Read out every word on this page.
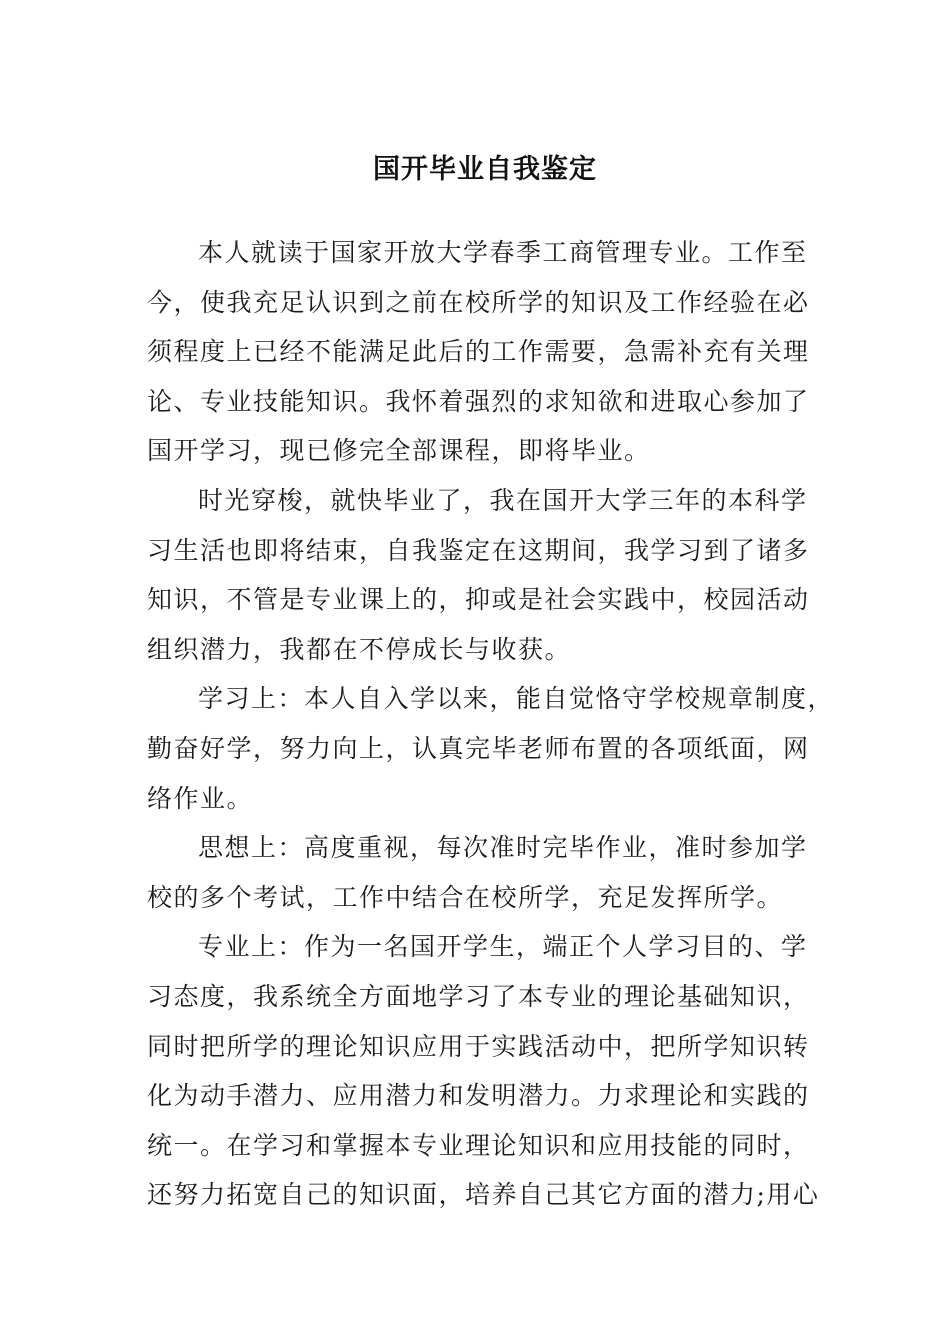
国开毕业自我鉴定
本人就读于国家开放大学春季工商管理专业。工作至
今，使我充足认识到之前在校所学的知识及工作经验在必
须程度上已经不能满足此后的工作需要，急需补充有关理
论、专业技能知识。我怀着强烈的求知欲和进取心参加了
国开学习，现已修完全部课程，即将毕业。
时光穿梭，就快毕业了，我在国开大学三年的本科学
习生活也即将结束，自我鉴定在这期间，我学习到了诸多
知识，不管是专业课上的，抑或是社会实践中，校园活动
组织潜力，我都在不停成长与收获。
学习上：本人自入学以来，能自觉恪守学校规章制度，
勤奋好学，努力向上，认真完毕老师布置的各项纸面，网
络作业。
思想上：高度重视，每次准时完毕作业，准时参加学
校的多个考试，工作中结合在校所学，充足发挥所学。
专业上：作为一名国开学生，端正个人学习目的、学
习态度，我系统全方面地学习了本专业的理论基础知识，
同时把所学的理论知识应用于实践活动中，把所学知识转
化为动手潜力、应用潜力和发明潜力。力求理论和实践的
统一。在学习和掌握本专业理论知识和应用技能的同时，
还努力拓宽自己的知识面，培养自己其它方面的潜力;用心
